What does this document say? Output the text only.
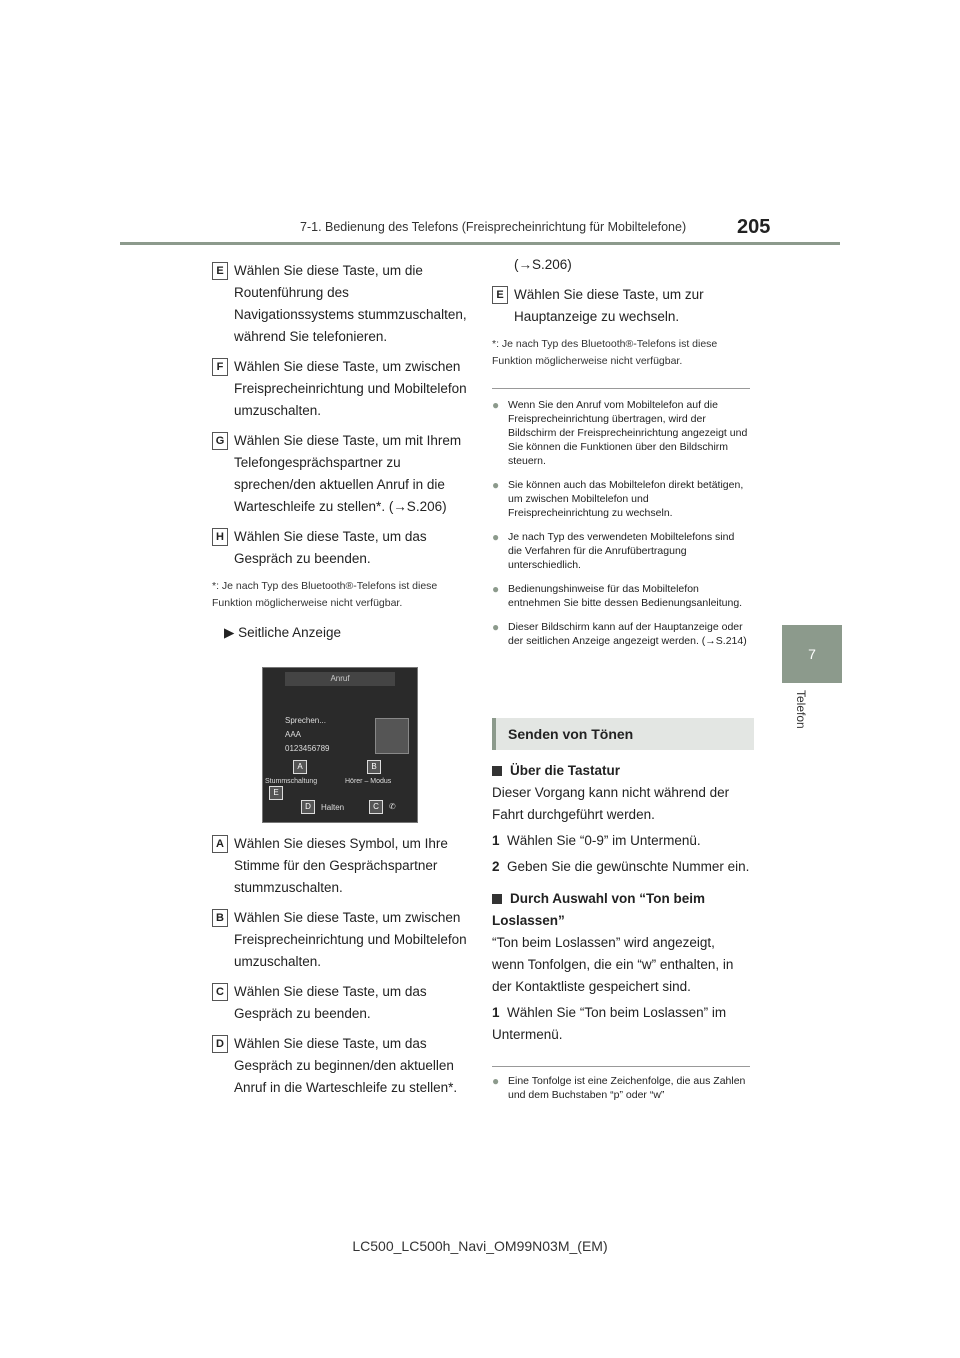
7-1. Bedienung des Telefons (Freisprecheinrichtung für Mobiltelefone)	205
7
Telefon
E Wählen Sie diese Taste, um die Routenführung des Navigationssystems stummzuschalten, während Sie telefonieren.
F Wählen Sie diese Taste, um zwischen Freisprecheinrichtung und Mobiltelefon umzuschalten.
G Wählen Sie diese Taste, um mit Ihrem Telefongesprächspartner zu sprechen/den aktuellen Anruf in die Warteschleife zu stellen*. (→S.206)
H Wählen Sie diese Taste, um das Gespräch zu beenden.
*: Je nach Typ des Bluetooth®-Telefons ist diese Funktion möglicherweise nicht verfügbar.
▶ Seitliche Anzeige
Anruf
Sprechen...
AAA
0123456789
A	B
Stummschaltung	Hörer – Modus
E
D	Halten	C	✆
A Wählen Sie dieses Symbol, um Ihre Stimme für den Gesprächspartner stummzuschalten.
B Wählen Sie diese Taste, um zwischen Freisprecheinrichtung und Mobiltelefon umzuschalten.
C Wählen Sie diese Taste, um das Gespräch zu beenden.
D Wählen Sie diese Taste, um das Gespräch zu beginnen/den aktuellen Anruf in die Warteschleife zu stellen*.
(→S.206)
E Wählen Sie diese Taste, um zur Hauptanzeige zu wechseln.
*: Je nach Typ des Bluetooth®-Telefons ist diese Funktion möglicherweise nicht verfügbar.
● Wenn Sie den Anruf vom Mobiltelefon auf die Freisprecheinrichtung übertragen, wird der Bildschirm der Freisprecheinrichtung angezeigt und Sie können die Funktionen über den Bildschirm steuern.
● Sie können auch das Mobiltelefon direkt betätigen, um zwischen Mobiltelefon und Freisprecheinrichtung zu wechseln.
● Je nach Typ des verwendeten Mobiltelefons sind die Verfahren für die Anrufübertragung unterschiedlich.
● Bedienungshinweise für das Mobiltelefon entnehmen Sie bitte dessen Bedienungsanleitung.
● Dieser Bildschirm kann auf der Hauptanzeige oder der seitlichen Anzeige angezeigt werden. (→S.214)
Senden von Tönen
Über die Tastatur
Dieser Vorgang kann nicht während der Fahrt durchgeführt werden.
1 Wählen Sie “0-9” im Untermenü.
2 Geben Sie die gewünschte Nummer ein.
Durch Auswahl von “Ton beim Loslassen”
“Ton beim Loslassen” wird angezeigt, wenn Tonfolgen, die ein “w” enthalten, in der Kontaktliste gespeichert sind.
1 Wählen Sie “Ton beim Loslassen” im Untermenü.
● Eine Tonfolge ist eine Zeichenfolge, die aus Zahlen und dem Buchstaben “p” oder “w”
LC500_LC500h_Navi_OM99N03M_(EM)
